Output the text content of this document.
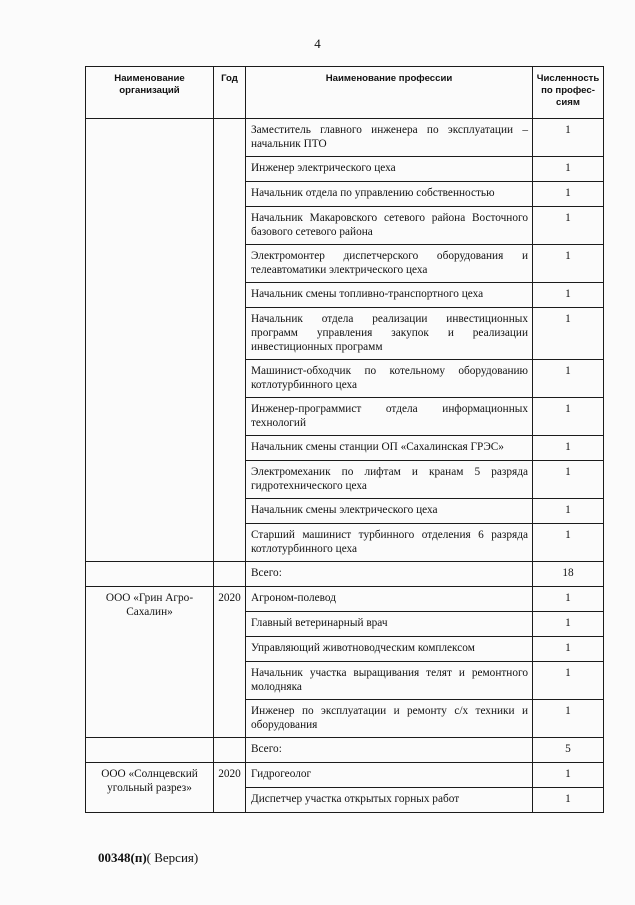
4
Наименование организаций	Год	Наименование профессии	Численность по профес-сиям
		Заместитель главного инженера по эксплуатации – начальник ПТО	1
		Инженер электрического цеха	1
		Начальник отдела по управлению собственностью	1
		Начальник Макаровского сетевого района Восточного базового сетевого района	1
		Электромонтер диспетчерского оборудования и телеавтоматики электрического цеха	1
		Начальник смены топливно-транспортного цеха	1
		Начальник отдела реализации инвестиционных программ управления закупок и реализации инвестиционных программ	1
		Машинист-обходчик по котельному оборудованию котлотурбинного цеха	1
		Инженер-программист отдела информационных технологий	1
		Начальник смены станции ОП «Сахалинская ГРЭС»	1
		Электромеханик по лифтам и кранам 5 разряда гидротехнического цеха	1
		Начальник смены электрического цеха	1
		Старший машинист турбинного отделения 6 разряда котлотурбинного цеха	1
		Всего:	18
ООО «Грин Агро-Сахалин»	2020	Агроном-полевод	1
		Главный ветеринарный врач	1
		Управляющий животноводческим комплексом	1
		Начальник участка выращивания телят и ремонтного молодняка	1
		Инженер по эксплуатации и ремонту с/х техники и оборудования	1
		Всего:	5
ООО «Солнцевский угольный разрез»	2020	Гидрогеолог	1
		Диспетчер участка открытых горных работ	1
00348(п)( Версия)
